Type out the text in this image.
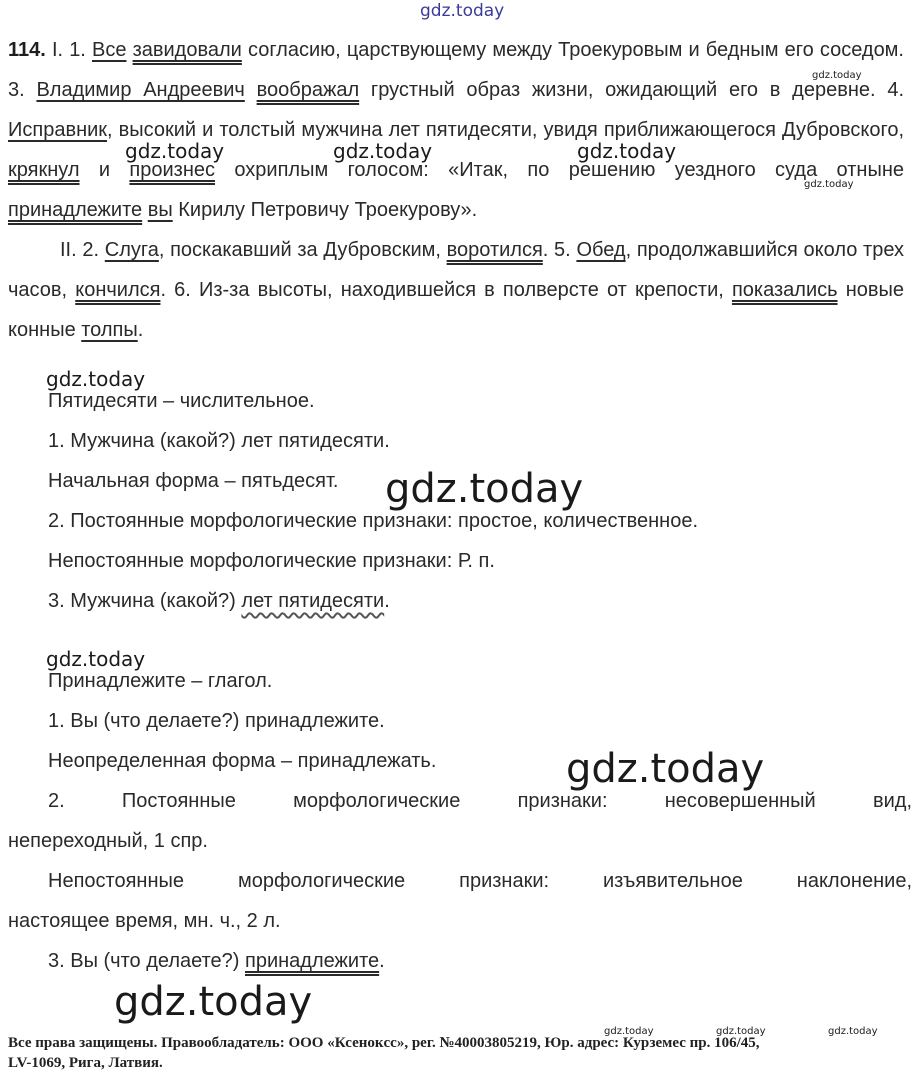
gdz.today
gdz.today
gdz.today	gdz.today	gdz.today
gdz.today
gdz.today
gdz.today
gdz.today
gdz.today
gdz.today
gdz.today	gdz.today	gdz.today

114. I. 1. Все завидовали согласию, царствующему между Троекуровым и бедным его соседом. 3. Владимир Андреевич воображал грустный образ жизни, ожидающий его в деревне. 4. Исправник, высокий и толстый мужчина лет пятидесяти, увидя приближающегося Дубровского, крякнул и произнес охриплым голосом: «Итак, по решению уездного суда отныне принадлежите вы Кирилу Петровичу Троекурову».

II. 2. Слуга, поскакавший за Дубровским, воротился. 5. Обед, продолжавшийся около трех часов, кончился. 6. Из-за высоты, находившейся в полверсте от крепости, показались новые конные толпы.

Пятидесяти – числительное.

1. Мужчина (какой?) лет пятидесяти.

Начальная форма – пятьдесят.

2. Постоянные морфологические признаки: простое, количественное.

Непостоянные морфологические признаки: Р. п.

3. Мужчина (какой?) лет пятидесяти.

Принадлежите – глагол.

1. Вы (что делаете?) принадлежите.

Неопределенная форма – принадлежать.

2. Постоянные морфологические признаки: несовершенный вид,

непереходный, 1 спр.

Непостоянные морфологические признаки: изъявительное наклонение,

настоящее время, мн. ч., 2 л.

3. Вы (что делаете?) принадлежите.

Все права защищены. Правообладатель: ООО «Ксенокcс», рег. №40003805219, Юр. адрес: Курземес пр. 106/45,
LV-1069, Рига, Латвия.
